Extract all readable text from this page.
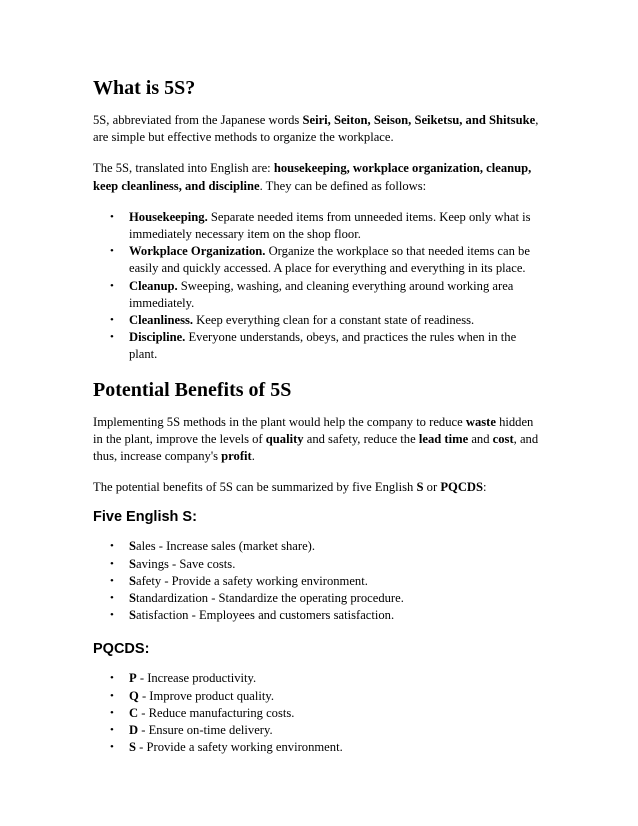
What is 5S?

5S, abbreviated from the Japanese words Seiri, Seiton, Seison, Seiketsu, and Shitsuke, are simple but effective methods to organize the workplace.

The 5S, translated into English are: housekeeping, workplace organization, cleanup, keep cleanliness, and discipline. They can be defined as follows:

• Housekeeping. Separate needed items from unneeded items. Keep only what is immediately necessary item on the shop floor.
• Workplace Organization. Organize the workplace so that needed items can be easily and quickly accessed. A place for everything and everything in its place.
• Cleanup. Sweeping, washing, and cleaning everything around working area immediately.
• Cleanliness. Keep everything clean for a constant state of readiness.
• Discipline. Everyone understands, obeys, and practices the rules when in the plant.
Potential Benefits of 5S

Implementing 5S methods in the plant would help the company to reduce waste hidden in the plant, improve the levels of quality and safety, reduce the lead time and cost, and thus, increase company's profit.

The potential benefits of 5S can be summarized by five English S or PQCDS:

Five English S:
• Sales - Increase sales (market share).
• Savings - Save costs.
• Safety - Provide a safety working environment.
• Standardization - Standardize the operating procedure.
• Satisfaction - Employees and customers satisfaction.
PQCDS:
• P - Increase productivity.
• Q - Improve product quality.
• C - Reduce manufacturing costs.
• D - Ensure on-time delivery.
• S - Provide a safety working environment.
